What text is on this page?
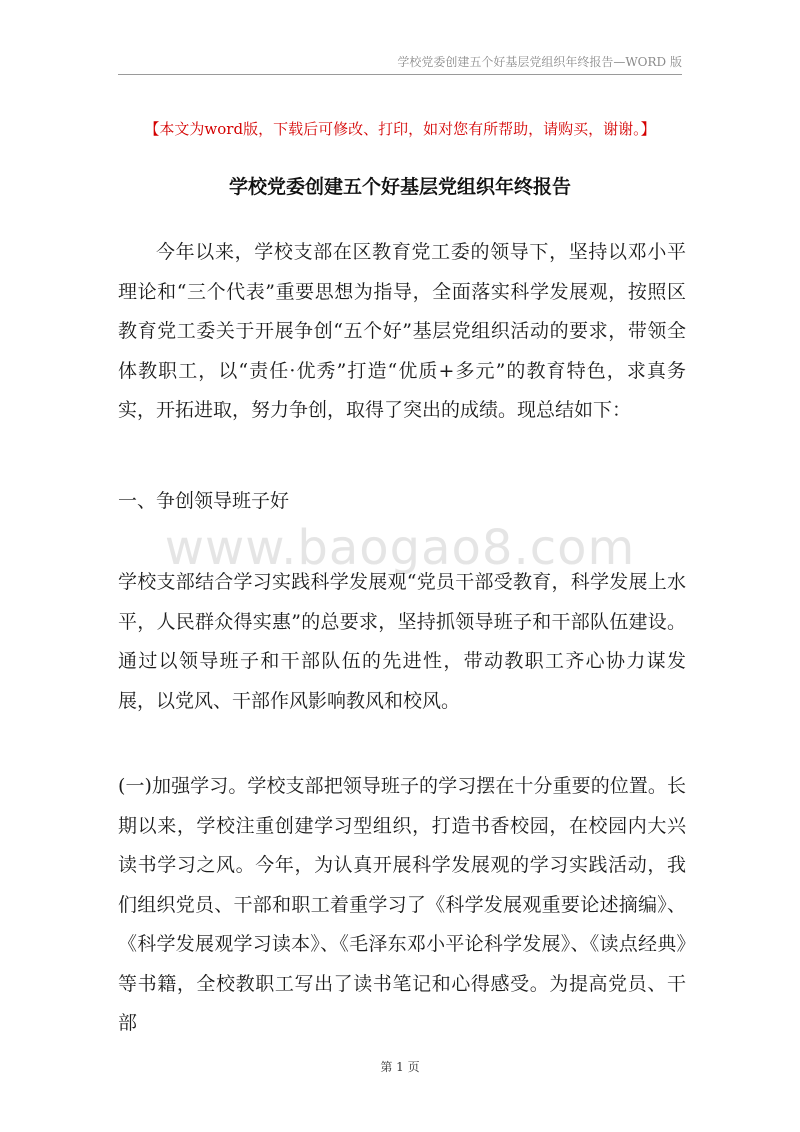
学校党委创建五个好基层党组织年终报告—WORD 版
【本文为word版，下载后可修改、打印，如对您有所帮助，请购买，谢谢。】
学校党委创建五个好基层党组织年终报告
今年以来，学校支部在区教育党工委的领导下，坚持以邓小平理论和“三个代表”重要思想为指导，全面落实科学发展观，按照区教育党工委关于开展争创“五个好”基层党组织活动的要求，带领全体教职工，以“责任·优秀”打造“优质+多元”的教育特色，求真务实，开拓进取，努力争创，取得了突出的成绩。现总结如下：
一、争创领导班子好
www.baogao8.com
学校支部结合学习实践科学发展观“党员干部受教育，科学发展上水平，人民群众得实惠”的总要求，坚持抓领导班子和干部队伍建设。通过以领导班子和干部队伍的先进性，带动教职工齐心协力谋发展，以党风、干部作风影响教风和校风。
(一)加强学习。学校支部把领导班子的学习摆在十分重要的位置。长期以来，学校注重创建学习型组织，打造书香校园，在校园内大兴读书学习之风。今年，为认真开展科学发展观的学习实践活动，我们组织党员、干部和职工着重学习了《科学发展观重要论述摘编》、《科学发展观学习读本》、《毛泽东邓小平论科学发展》、《读点经典》等书籍，全校教职工写出了读书笔记和心得感受。为提高党员、干部
第 1 页
